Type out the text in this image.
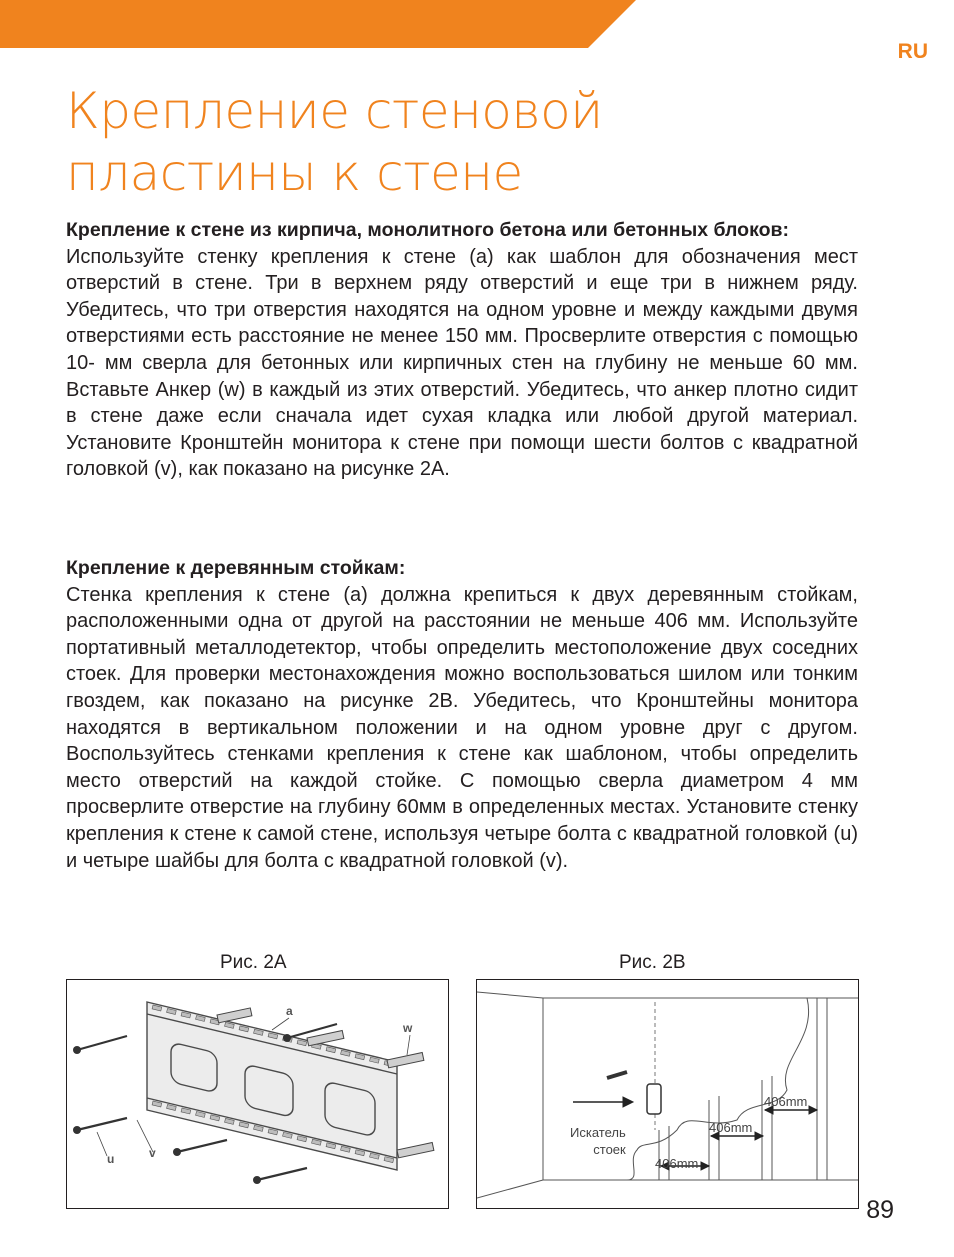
RU
Крепление стеновой
пластины к стене
Крепление к стене из кирпича, монолитного бетона или бетонных блоков:

Используйте стенку крепления к стене (а) как шаблон для обозначения мест отверстий в стене. Три в верхнем ряду отверстий и еще три в нижнем ряду. Убедитесь, что три отверстия находятся на одном уровне и между каждыми двумя отверстиями есть расстояние не менее 150 мм. Просверлите отверстия с помощью 10- мм сверла для бетонных или кирпичных стен на глубину не меньше 60 мм. Вставьте Анкер (w) в каждый из этих отверстий. Убедитесь, что анкер плотно сидит в стене даже если сначала идет сухая кладка или любой другой материал. Установите Кронштейн монитора к стене при помощи шести болтов с квадратной головкой (v), как показано на рисунке 2А.

Крепление к деревянным стойкам:

Стенка крепления к стене (а) должна крепиться к двух деревянным стойкам, расположенными одна от другой на расстоянии не меньше 406 мм. Используйте портативный металлодетектор, чтобы определить местоположение двух соседних стоек. Для проверки местонахождения можно воспользоваться шилом или тонким гвоздем, как показано на рисунке 2В. Убедитесь, что Кронштейны монитора находятся в вертикальном положении и на одном уровне друг с другом. Воспользуйтесь стенками крепления к стене как шаблоном, чтобы определить место отверстий на каждой стойке. С помощью сверла диаметром 4 мм просверлите отверстие на глубину 60мм в определенных местах. Установите стенку крепления к стене к самой стене, используя четыре болта с квадратной головкой (u) и четыре шайбы для болта с квадратной головкой (v).

Рис. 2А	Рис. 2В
a
w
u	v
Искатель
стоек
406mm
406mm
406mm
89
